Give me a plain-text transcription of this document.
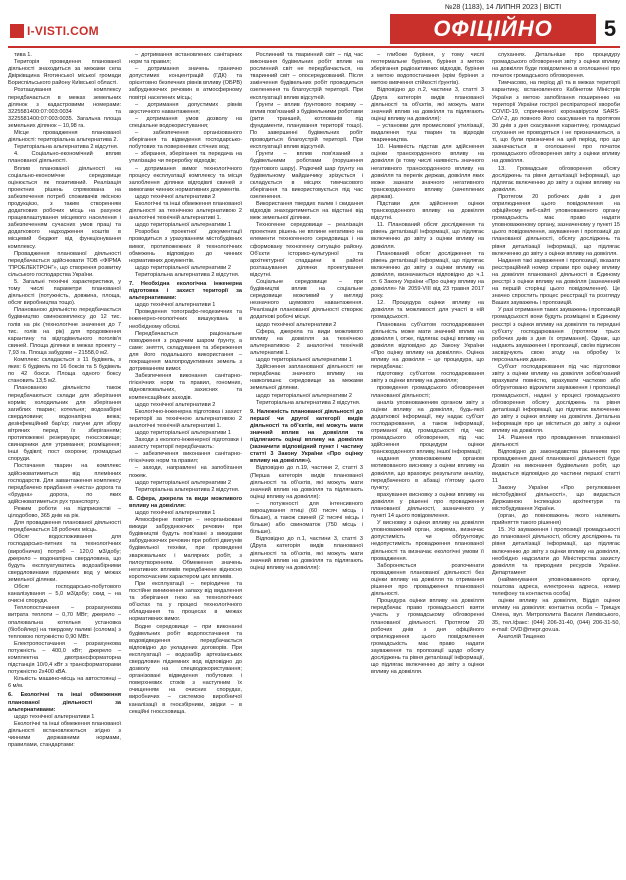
I-VISTI.COM
№28 (1183), 14 ЛИПНЯ 2023 | ВІСТІ
ОФІЦІЙНО	5

тива 1.

Територія проведення планованої діяльності знаходиться за межами села Двірківщина Яготинської міської громади Бориспільського району Київської області.

Розташування комплексу передбачається в межах земельних ділянок з кадастровими номерами: 3225581400:07:003:0034 та 3225581400:07:003:0035. Загальна площа земельних ділянок – 10,98 га.

Місце провадження планованої діяльності: територіальна альтернатива 2.

Територіальна альтернатива 2 відсутня.

4. Соціально-економічний вплив планованої діяльності.

Вплив планованої діяльності на соціально-економічне середовище оцінюється як позитивний. Реалізація проектних рішень спрямована на забезпечення потреб споживачів якісною продукцією, з таким створенням додаткових робочих місць на рахунок працевлаштування місцевого населення і забезпеченням сучасних умов праці та додаткового надходження коштів в місцевий бюджет від функціонування комплексу.

Провадження планованої діяльності передбачається здійснювати ТОВ «ФІРМА “ПРОЕЛЕКТРОН”», що створення розвитку сільського господарства України.

5. Загальні технічні характеристики, у тому числі параметри планованої діяльності (потужність, довжина, площа, обсяг виробництва тощо).

Планованою діяльністю передбачається будівництво свинокомплексу до 12 тис. голів на рік (технологічне значення до 7 тис. голів на рік) для продовження карантину та відгодівельного поголів'я свиней. Площа ділянки в межах проекту – 7,93 га. Площа забудови – 21558,0 м2.

Комплекс складається з 11 будівель, з яких: 6 будівель по 16 боксів та 5 будівель по 42 бокси. Площа одного боксу становить 13,5 м2.

Планованою діяльністю також передбачаються: склади для зберігання кормів; холодильник для зберігання загиблих тварин; котельня; водозабірні свердловини; водонапірна вежа; дезінфекційний бар'єр; лагуни для збору вітряних перед їх зберіганням; протипожежні резервуари; гноєсховище; свинарники для утримання; розміщення; інші будівлі; пост охорони; громадські споруди.

Постачання тварин на комплекс здійснюватиметься від племінних господарств. Для завантаження комплексу передбачено придбання «чиста» дорога та «брудна» дорога, по яких здійснюватиметься рух транспорту.

Режим роботи на підприємстві – цілодобово, 365 днів на рік.

Для провадження планованої діяльності передбачається 18 робочих місць.

Обсяг водоспоживання для господарсько-питних та технологічних (виробничих) потреб – 120,0 м3/добу; джерело – водонапірна свердловина, що будуть експлуатуватись водозабірними свердловинами підземних вод у межах земельної ділянки.

Обсяг господарсько-побутового каналізування – 5,0 м3/добу; скид – на очисні споруди.

Теплопостачання – розрахункова витрата теплоти – 0,70 МВт; джерело – опалювальна котельня установка (біобойлер) на твердому паливі (солома) з тепловою потужністю 0,90 МВт.

Електропостачання – розрахункова потужність – 400,0 кВт; джерело – комплектна двотрансформаторна підстанція 10/0,4 кВт з трансформаторами потужністю 2х400 кВА.

Кількість машино-місць на автостоянці – 6 м/м.

6. Екологічні та інші обмеження планованої діяльності за альтернативами:

щодо технічної альтернативи 1

Екологічні та інші обмеження планованої діяльності встановлюються згідно з чинними державними нормами, правилами, стандартами:

– дотримання встановлених санітарних норм та правил;

– дотримання значень гранично допустимих концентрацій (ГДК) та орієнтовно безпечних рівнів впливу (ОБРВ) забруднюючих речовин в атмосферному повітрі населених місць;

– дотримання допустимих рівнів акустичного навантаження;

– дотримання умов дозволу на спеціальне водокористування;

– забезпечення організованого зберігання та відведення господарсько-побутових та поверхневих стічних вод;

– збирання, зберігання та передача на утилізацію чи переробку відходів;

– дотримання вимог технологічного процесу експлуатації комплексу та місця залоблення ділянки відгодівлі свиней з вимогами чинних нормативних документів.

щодо технічної альтернативи 2

Екологічні та інші обмеження планованої діяльності за технічною альтернативою 2 аналогічні технічній альтернативі 1.

щодо територіальної альтернативи 1

Розробка проектної документації проводиться з урахуванням містобудівних вимог, протипожежних й технологічних обмежень відповідно до чинних нормативних документів.

щодо територіальної альтернативи 2

Територіальна альтернатива 2 відсутня.

7. Необхідна екологічна інженерна підготовка і захист території за альтернативами:

щодо технічної альтернативи 1

Проведення топографо-геодезичних та інженерно-геологічних вишукувань в необхідному обсязі.

Передбачається раціональне поводження з родючим шаром ґрунту, а саме: зняття, складування та збереження для його подальшого використання – покращення малопродуктивних земель з дотриманням вимог.

Забезпечення виконання санітарно-гігієнічних норм та правил, гономних, відновлювальних, захисних та компенсаційних заходів.

щодо технічної альтернативи 2

Екологічно-інженерна підготовка і захист території за технічною альтернативою 2 аналогічні технічній альтернативі 1.

щодо територіальної альтернативи 1

Заходи з еколого-інженерної підготовки і захисту території передбачають:

– забезпечення виконання санітарно-гігієнічних норм та правил;

– заходи, направлені на запобігання пожеж.

щодо територіальної альтернативи 2

Територіальна альтернатива 2 відсутня.

8. Сфера, джерела та види можливого впливу на довкілля:

щодо технічної альтернативи 1

Атмосферне повітря – неорганізовані викиди забруднюючих речовин при будівництві будуть пов'язані з викидами забруднюючих речовин при роботі двигунів будівельної техніки, при проведенні зварювальних і малярних робіт, з пилоутворенням. Обмеження значень негативних впливів передбачене відносно короткочасним характером цих впливів.

При експлуатації – періодичне та постійне виникнення запаху від видалення та зберігання гною на технологічних об'єктах та у процесі технологічного обладнання та процесах в межах нормативних вимог.

Водне середовище – при виконанні будівельних робіт водопостачання та водовідведення передбачається відповідно до укладених договорів. При експлуатації – водозабір артезіанських свердловин підземних вод відповідно до дозволу на спецводокористування; організовані відведення побутових і поверхневих стоків з наступним їх очищенням на очисних спорудах, виробничих – системою виробничої каналізації в гноєзбірники, звідки – в секційні гноєсховища.

Рослинний та тваринний світ – під час виконання будівельних робіт вплив на рослинний світ не передбачається, на тваринний світ – опосередкований. Після закінчення будівельних робіт проводиться озеленення та благоустрій території. При експлуатації вплив відсутній.

Ґрунти – вплив ґрунтового покриву – вплив пов'язаний з будівельними роботами (рити траншей, котлованів під фундаменти, планування території тощо). По завершенні будівельних робіт проводиться благоустрій території. При експлуатації вплив відсутній.

Ґрунти – вплив пов'язаний з будівельними роботами (порушення ґрунтового шару). Родючий шар ґрунту на будівельному майданчику зрізується і складується в місцях тимчасового зберігання та використовується під час озеленення.

Використання твердих палив і скидання відходів знаходитиметься на відстані від меж земельної ділянки.

Техногенне середовище – реалізація проектних рішень не вплине негативно на елементи техногенного середовища і на сформовану техногенну ситуацію району. Об'єкти історико-культурної та архітектурної спадщини в районі розташування ділянки проектування відсутні.

Соціальне середовище – при будівництві вплив на соціальне середовище можливий у вигляді незначного шумового навантаження. Реалізація планованої діяльності створює додаткові робочі місця.

щодо технічної альтернативи 2

Сфера, джерела та види можливого впливу на довкілля за технічною альтернативою 2 аналогічні технічній альтернативі 1.

щодо територіальної альтернативи 1

Здійснення запланованої діяльності не передбачає значного впливу на навколишнє середовище за межами земельної ділянки.

щодо територіальної альтернативи 2

Територіальна альтернатива 2 відсутня.

9. Належність планованої діяльності до першої чи другої категорії видів діяльності та об'єктів, які можуть мати значний вплив на довкілля та підлягають оцінці впливу на довкілля (зазначити відповідний пункт і частину статті 3 Закону України «Про оцінку впливу на довкілля»).

Відповідно до п.19, частини 2, статті 3 (Перша категорія видів планованої діяльності та об'єктів, які можуть мати значний вплив на довкілля та підлягають оцінці впливу на довкілля):

– потужності для інтенсивного вирощування птиці (60 тисяч місць і більше), а також свиней (2 тисячі місць і більше) або свиноматок (750 місць і більше).

Відповідно до п.1, частини 3, статті 3 (Друга категорія видів планованої діяльності та об'єктів, які можуть мати значний вплив на довкілля та підлягають оцінці впливу на довкілля):

– глибоке буріння, у тому числі геотермальне буріння, буріння з метою зберігання радіоактивних відходів, буріння з метою водопостачання (крім буріння з метою вивчення стійкості ґрунтів).

Відповідно до п.2, частини 3, статті 3 (Друга категорія видів планованої діяльності та об'єктів, які можуть мати значний вплив на довкілля та підлягають оцінці впливу на довкілля):

– установки для промислової утилізації, видалення туш тварин та відходів тваринництва.

10. Наявність підстав для здійснення оцінки транскордонного впливу на довкілля (в тому числі наявність значного негативного транскордонного впливу на довкілля та перелік держав, довкілля яких може зазнати значного негативного транскордонного впливу (зачеплених держав).

Підстави для здійснення оцінки транскордонного впливу на довкілля відсутні.

11. Планований обсяг дослідження та рівень деталізації інформації, що підлягає включенню до звіту з оцінки впливу на довкілля.

Планований обсяг дослідження та рівень деталізації інформації, що підлягає включенню до звіту з оцінки впливу на довкілля, визначаються відповідно до ч.1 ст. 6 Закону України «Про оцінку впливу на довкілля» № 2059-VIII від 23 травня 2017 року.

12. Процедура оцінки впливу на довкілля та можливості для участі в ній громадськості.

Планована суб'єктом господарювання діяльність може мати значний вплив на довкілля і, отже, підлягає оцінці впливу на довкілля відповідно до Закону України «Про оцінку впливу на довкілля». Оцінка впливу на довкілля – це процедура, що передбачає:

підготовку суб'єктом господарювання звіту з оцінки впливу на довкілля;

проведення громадського обговорення планованої діяльності;

аналіз уповноваженим органом звіту з оцінки впливу на довкілля, будь-якої додаткової інформації, яку надає суб'єкт господарювання, а також інформації, отриманої від громадськості під час громадського обговорення, під час здійснення процедури оцінки транскордонного впливу, іншої інформації;

надання уповноваженим органом мотивованого висновку з оцінки впливу на довкілля, що враховує результати аналізу, передбаченого в абзаці п'ятому цього пункту;

врахування висновку з оцінки впливу на довкілля у рішенні про провадження планованої діяльності, зазначеного у пункті 14 цього повідомлення.

У висновку з оцінки впливу на довкілля уповноважений орган, зокрема, визначає допустимість чи обґрунтовує недопустимість провадження планованої діяльності та визначає екологічні умови її провадження.

Забороняється розпочинати провадження планованої діяльності без оцінки впливу на довкілля та отримання рішення про провадження планованої діяльності.

Процедура оцінки впливу на довкілля передбачає право громадськості взяти участь у громадському обговоренні планованої діяльності. Протягом 20 робочих днів з дня офіційного оприлюднення цього повідомлення громадськість має право надати зауваження та пропозиції щодо обсягу досліджень та рівня деталізації інформації, що підлягає включенню до звіту з оцінки впливу на довкілля.

слуханнях. Детальніше про процедуру громадського обговорення звіту з оцінки впливу на довкілля буде повідомлено в оголошенні про початок громадського обговорення.

Тимчасово, на період дії та в межах території карантину, встановленого Кабінетом Міністрів України з метою запобігання поширенню на території України гострої респіраторної хвороби COVID-19, спричиненої коронавірусом SARS-CoV-2, до повного його скасування та протягом 30 днів з дня скасування карантину, громадські слухання не проводяться і не призначаються, а ті, що були призначені на цей період, про що зазначається в оголошенні про початок громадського обговорення звіту з оцінки впливу на довкілля.

13. Громадське обговорення обсягу досліджень та рівня деталізації інформації, що підлягає включенню до звіту з оцінки впливу на довкілля.

Протягом 20 робочих днів з дня оприлюднення цього повідомлення на офіційному веб-сайті уповноваженого органу громадськість має право надати уповноваженому органу, зазначеному у пункті 15 цього повідомлення, зауваження і пропозиції до планованої діяльності, обсягу досліджень та рівня деталізації інформації, що підлягає включенню до звіту з оцінки впливу на довкілля.

Надання такі зауваження і пропозиції, вказати реєстраційний номер справи про оцінку впливу на довкілля планованої діяльності в Єдиному реєстрі з оцінки впливу на довкілля (зазначений на першій сторінці цього повідомлення). Це значно спростить процес реєстрації та розгляду Ваших зауважень і пропозицій.

У разі отримання таких зауважень і пропозицій громадськості вони будуть розміщені в Єдиному реєстрі з оцінки впливу на довкілля та передані суб'єкту господарювання (протягом трьох робочих днів з дня їх отримання). Однак, що надають зауваження і пропозиції, своїм підписом засвідчують свою згоду на обробку їх персональних даних.

Суб'єкт господарювання під час підготовки звіту з оцінки впливу на довкілля зобов'язаний врахувати повністю, врахувати частково або обґрунтовано відхилити зауваження і пропозиції громадськості, надані у процесі громадського обговорення обсягу досліджень та рівня деталізації інформації, що підлягає включенню до звіту з оцінки впливу на довкілля. Детальна інформація про це міститься до звіту з оцінки впливу на довкілля.

14. Рішення про провадження планованої діяльності

Відповідно до законодавства рішенням про провадження даної планованої діяльності буде Дозвіл на виконання будівельних робіт, що видається відповідно до частини першої статті 11

Закону України «Про регулювання містобудівної діяльності», що видається Державною інспекцією архітектури та містобудування України.

(орган, до повноважень якого належить прийняття такого рішення)

15. Усі зауваження і пропозиції громадськості до планованої діяльності, обсягу досліджень та рівня деталізації інформації, що підлягає включенню до звіту з оцінки впливу на довкілля, необхідно надсилати до Міністерства захисту довкілля та природних ресурсів України. Департамент

(найменування уповноваженого органу, поштова адреса, електронна адреса, номер телефону та контактна особа)

оцінки впливу на довкілля, Відділ оцінки впливу на довкілля: контактна особа – Трищук Олена, вул. Митрополита Василя Липківського, 35, тел./факс: (044) 206-31-40, (044) 206-31-50, e-mail: OVD@mepr.gov.ua.

Анатолій Тищенко
